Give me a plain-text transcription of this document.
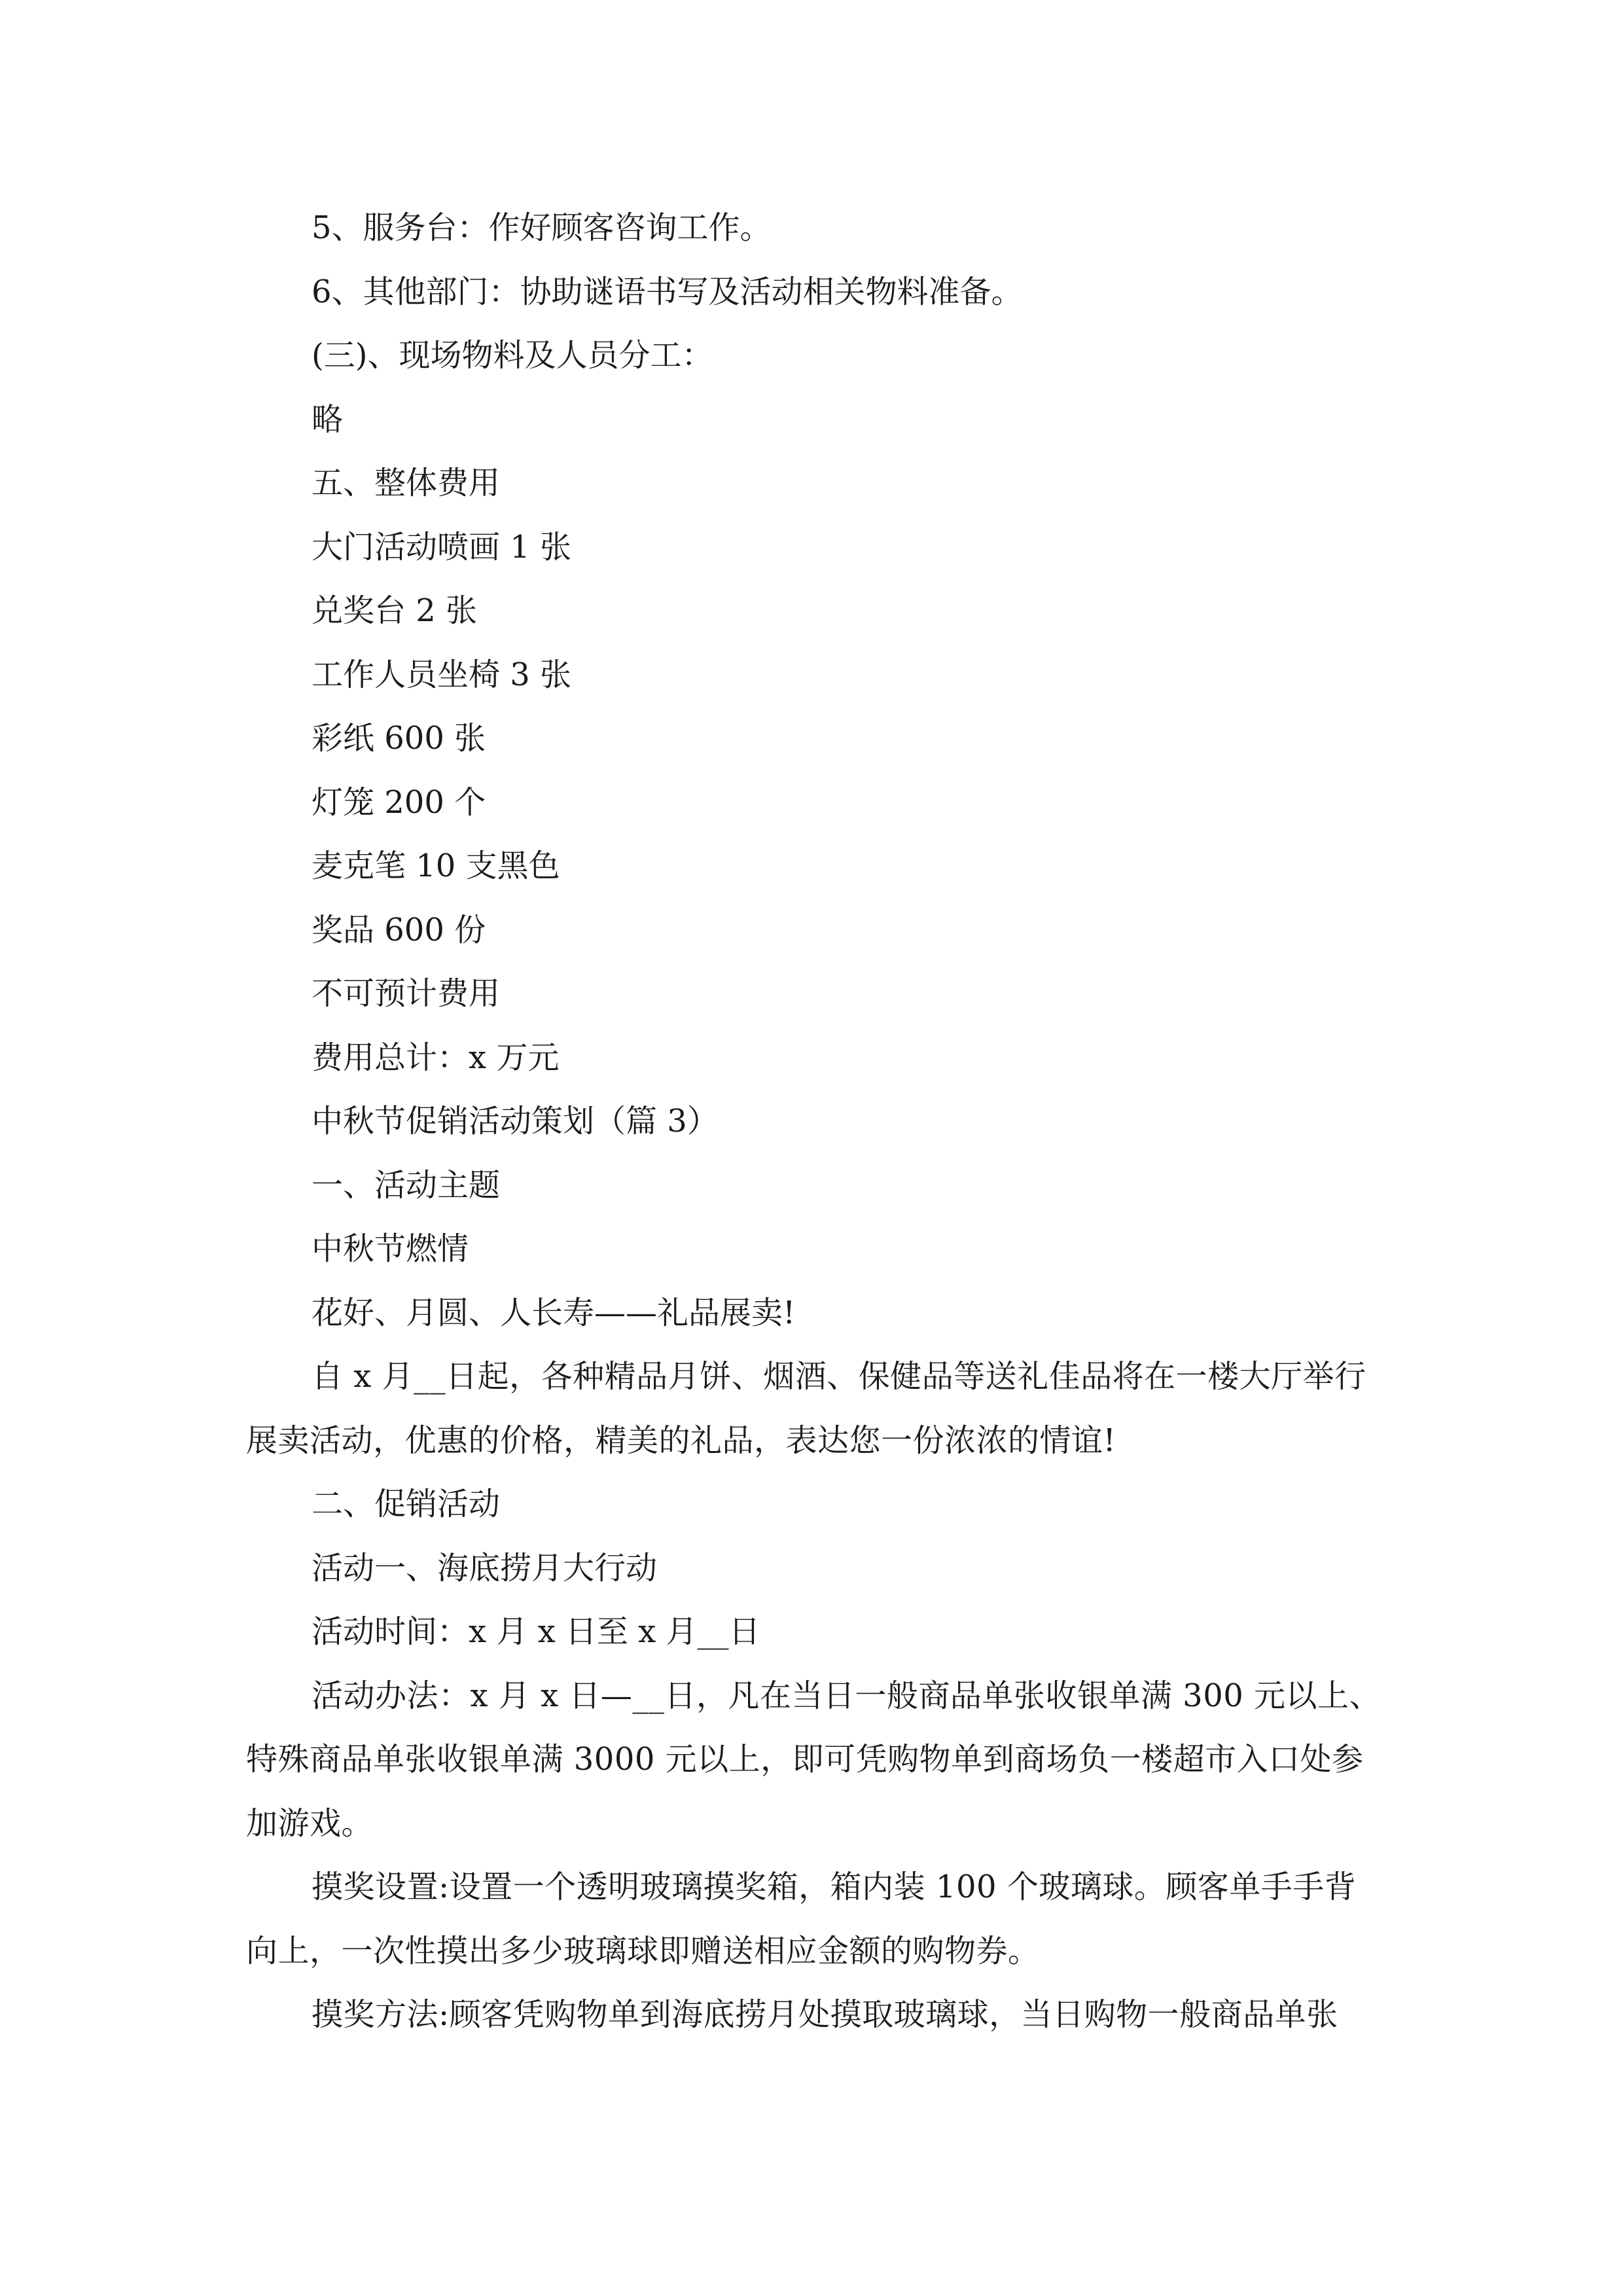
5、服务台：作好顾客咨询工作。

6、其他部门：协助谜语书写及活动相关物料准备。

(三)、现场物料及人员分工：

略

五、整体费用

大门活动喷画 1 张

兑奖台 2 张

工作人员坐椅 3 张

彩纸 600 张

灯笼 200 个

麦克笔 10 支黑色

奖品 600 份

不可预计费用

费用总计：x 万元

中秋节促销活动策划（篇 3）

一、活动主题

中秋节燃情

花好、月圆、人长寿——礼品展卖!

自 x 月__日起，各种精品月饼、烟酒、保健品等送礼佳品将在一楼大厅举行展卖活动，优惠的价格，精美的礼品，表达您一份浓浓的情谊!

二、促销活动

活动一、海底捞月大行动

活动时间：x 月 x 日至 x 月__日

活动办法：x 月 x 日—__日，凡在当日一般商品单张收银单满 300 元以上、特殊商品单张收银单满 3000 元以上，即可凭购物单到商场负一楼超市入口处参加游戏。

摸奖设置:设置一个透明玻璃摸奖箱，箱内装 100 个玻璃球。顾客单手手背向上，一次性摸出多少玻璃球即赠送相应金额的购物券。

摸奖方法:顾客凭购物单到海底捞月处摸取玻璃球，当日购物一般商品单张
